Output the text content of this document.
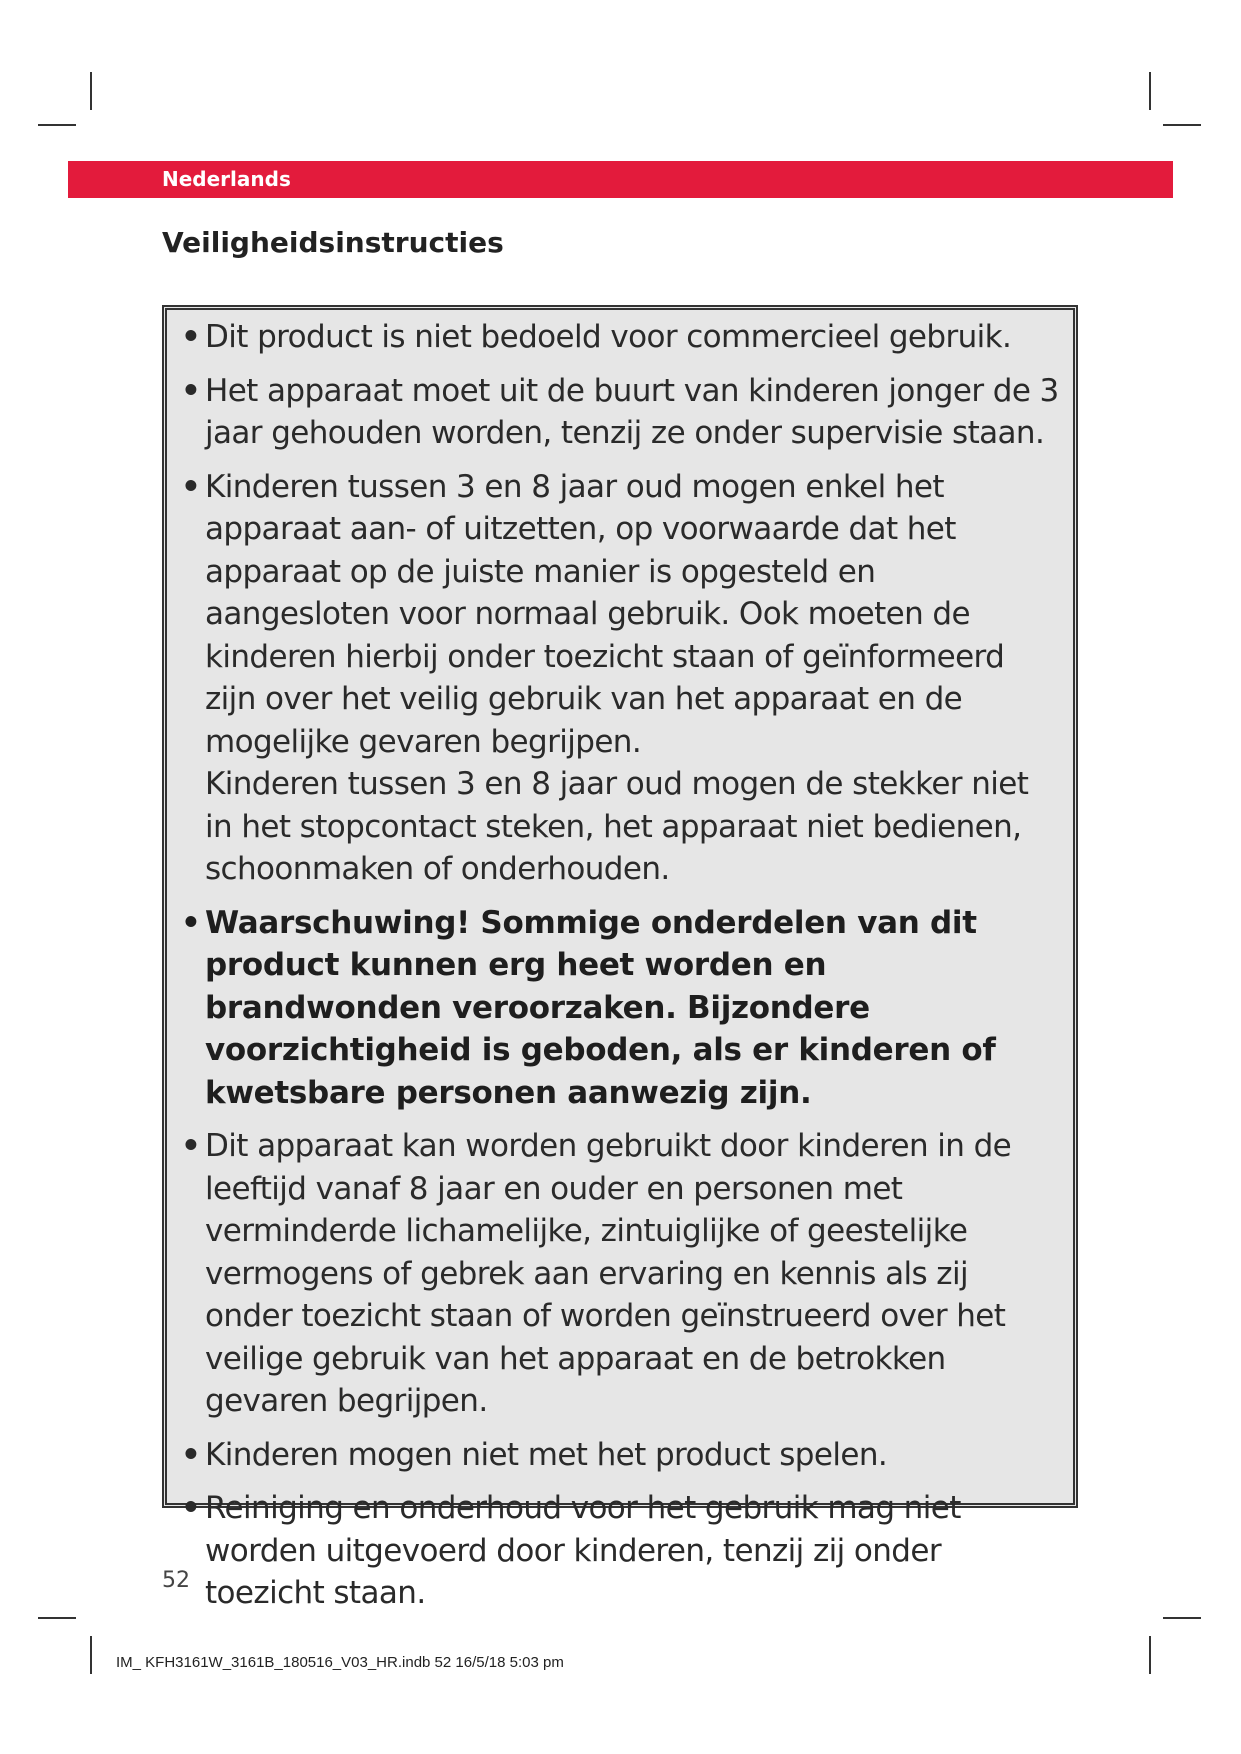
Nederlands
Veiligheidsinstructies
• Dit product is niet bedoeld voor commercieel gebruik.

• Het apparaat moet uit de buurt van kinderen jonger de 3 jaar gehouden worden, tenzij ze onder supervisie staan.

• Kinderen tussen 3 en 8 jaar oud mogen enkel het apparaat aan- of uitzetten, op voorwaarde dat het apparaat op de juiste manier is opgesteld en aangesloten voor normaal gebruik. Ook moeten de kinderen hierbij onder toezicht staan of geïnformeerd zijn over het veilig gebruik van het apparaat en de mogelijke gevaren begrijpen.

Kinderen tussen 3 en 8 jaar oud mogen de stekker niet in het stopcontact steken, het apparaat niet bedienen, schoonmaken of onderhouden.

• Waarschuwing! Sommige onderdelen van dit product kunnen erg heet worden en brandwonden veroorzaken. Bijzondere voorzichtigheid is geboden, als er kinderen of kwetsbare personen aanwezig zijn.

• Dit apparaat kan worden gebruikt door kinderen in de leeftijd vanaf 8 jaar en ouder en personen met verminderde lichamelijke, zintuiglijke of geestelijke vermogens of gebrek aan ervaring en kennis als zij onder toezicht staan of worden geïnstrueerd over het veilige gebruik van het apparaat en de betrokken gevaren begrijpen.

• Kinderen mogen niet met het product spelen.

• Reiniging en onderhoud voor het gebruik mag niet worden uitgevoerd door kinderen, tenzij zij onder toezicht staan.

52
IM_ KFH3161W_3161B_180516_V03_HR.indb 52 16/5/18 5:03 pm
